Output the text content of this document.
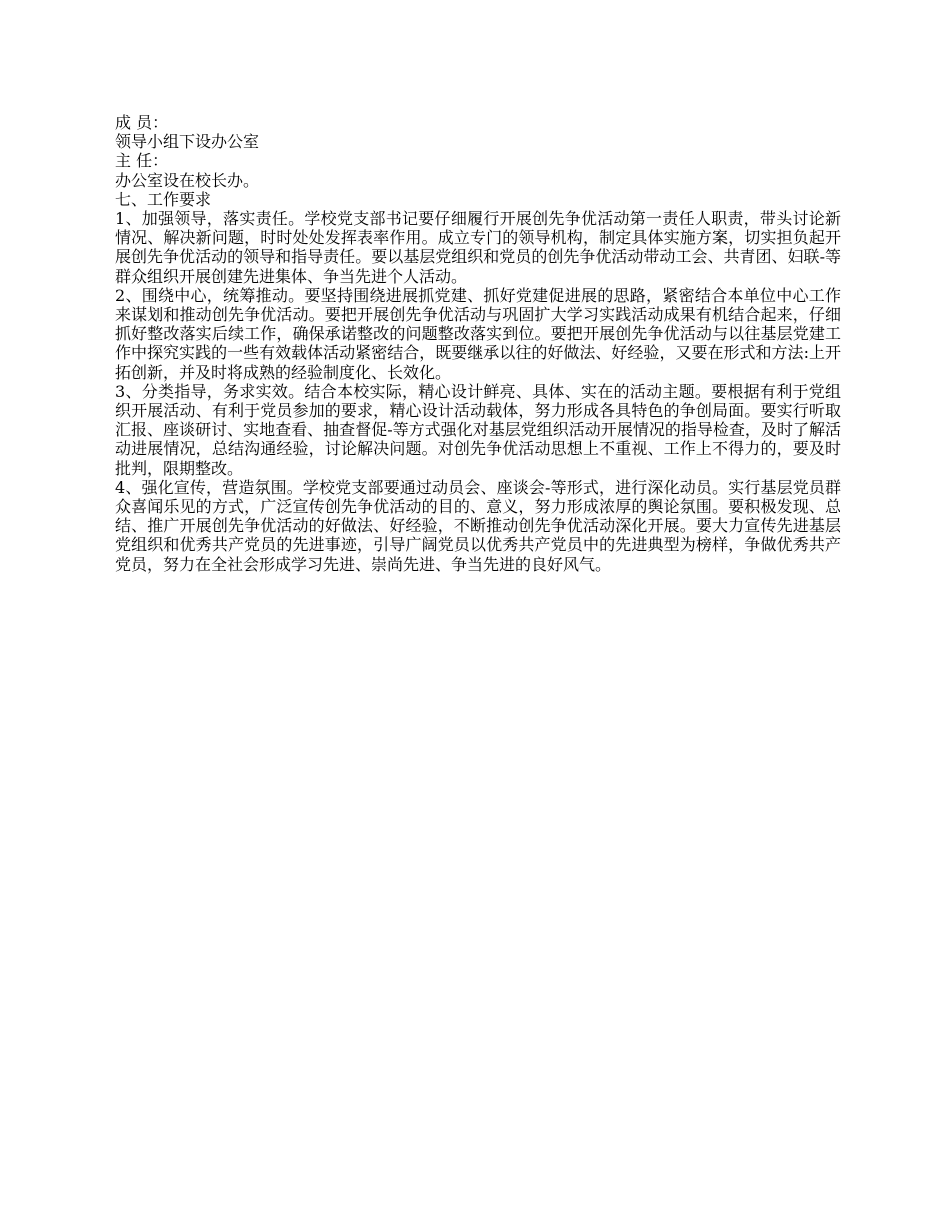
成 员：

领导小组下设办公室

主 任：

办公室设在校长办。

七、工作要求

1、加强领导，落实责任。学校党支部书记要仔细履行开展创先争优活动第一责任人职责，带头讨论新情况、解决新问题，时时处处发挥表率作用。成立专门的领导机构，制定具体实施方案，切实担负起开展创先争优活动的领导和指导责任。要以基层党组织和党员的创先争优活动带动工会、共青团、妇联-等群众组织开展创建先进集体、争当先进个人活动。

2、围绕中心，统筹推动。要坚持围绕进展抓党建、抓好党建促进展的思路，紧密结合本单位中心工作来谋划和推动创先争优活动。要把开展创先争优活动与巩固扩大学习实践活动成果有机结合起来，仔细抓好整改落实后续工作，确保承诺整改的问题整改落实到位。要把开展创先争优活动与以往基层党建工作中探究实践的一些有效载体活动紧密结合，既要继承以往的好做法、好经验，又要在形式和方法:上开拓创新，并及时将成熟的经验制度化、长效化。

3、分类指导，务求实效。结合本校实际，精心设计鲜亮、具体、实在的活动主题。要根据有利于党组织开展活动、有利于党员参加的要求，精心设计活动载体，努力形成各具特色的争创局面。要实行听取汇报、座谈研讨、实地查看、抽查督促-等方式强化对基层党组织活动开展情况的指导检查，及时了解活动进展情况，总结沟通经验，讨论解决问题。对创先争优活动思想上不重视、工作上不得力的，要及时批判，限期整改。

4、强化宣传，营造氛围。学校党支部要通过动员会、座谈会-等形式，进行深化动员。实行基层党员群众喜闻乐见的方式，广泛宣传创先争优活动的目的、意义，努力形成浓厚的舆论氛围。要积极发现、总结、推广开展创先争优活动的好做法、好经验，不断推动创先争优活动深化开展。要大力宣传先进基层党组织和优秀共产党员的先进事迹，引导广阔党员以优秀共产党员中的先进典型为榜样，争做优秀共产党员，努力在全社会形成学习先进、崇尚先进、争当先进的良好风气。
